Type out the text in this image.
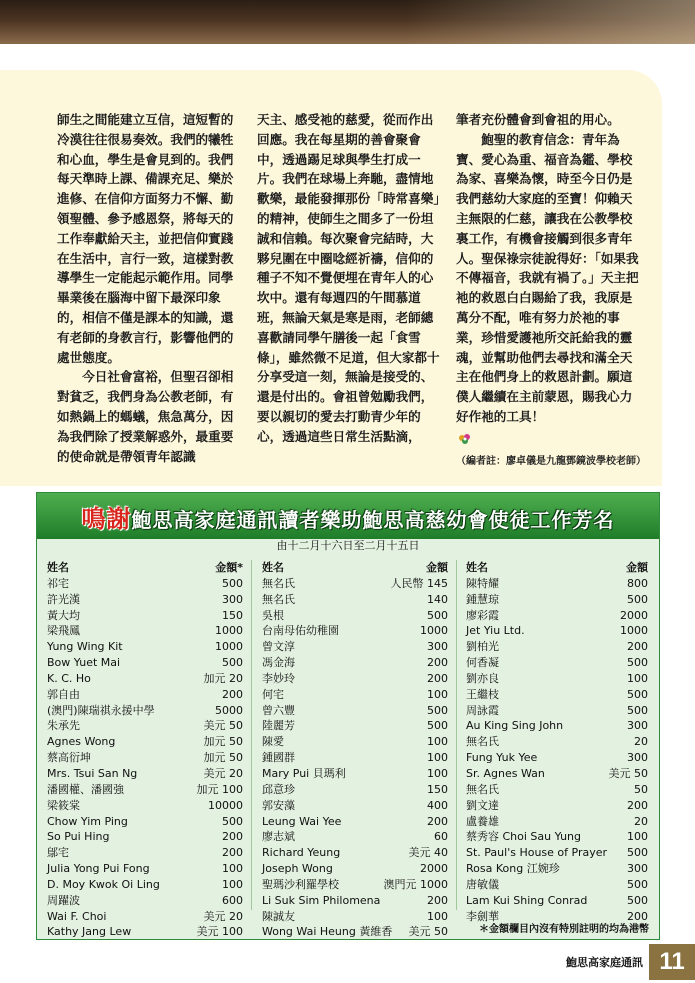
師生之間能建立互信，這短暫的冷漠往往很易奏效。我們的犧牲和心血，學生是會見到的。我們每天準時上課、備課充足、樂於進修、在信仰方面努力不懈、勤領聖體、參予感恩祭，將每天的工作奉獻給天主，並把信仰實踐在生活中，言行一致，這樣對教導學生一定能起示範作用。同學畢業後在腦海中留下最深印象的，相信不僅是課本的知識，還有老師的身教言行，影響他們的處世態度。

今日社會富裕，但聖召卻相對貧乏，我們身為公教老師，有如熱鍋上的螞蟻，焦急萬分，因為我們除了授業解惑外，最重要的使命就是帶領青年認識

天主、感受祂的慈愛，從而作出回應。我在每星期的善會聚會中，透過踢足球與學生打成一片。我們在球場上奔馳，盡情地歡樂，最能發揮那份「時常喜樂」的精神，使師生之間多了一份坦誠和信賴。每次聚會完結時，大夥兒圍在中圈唸經祈禱，信仰的種子不知不覺便埋在青年人的心坎中。還有每週四的午間慕道班，無論天氣是寒是雨，老師總喜歡請同學午膳後一起「食雪條」，雖然微不足道，但大家都十分享受這一刻，無論是接受的、還是付出的。會祖曾勉勵我們，要以親切的愛去打動青少年的心，透過這些日常生活點滴，

筆者充份體會到會祖的用心。

鮑聖的教育信念：青年為寶、愛心為重、福音為鑑、學校為家、喜樂為懷，時至今日仍是我們慈幼大家庭的至寶！仰賴天主無限的仁慈，讓我在公教學校裏工作，有機會接觸到很多青年人。聖保祿宗徒說得好：「如果我不傳福音，我就有禍了。」天主把祂的救恩白白賜給了我，我原是萬分不配，唯有努力於祂的事業，珍惜愛護祂所交託給我的靈魂，並幫助他們去尋找和滿全天主在他們身上的救恩計劃。願這僕人繼續在主前蒙恩，賜我心力好作祂的工具！

（編者註：廖卓儀是九龍鄧鏡波學校老師）
鳴謝鮑思高家庭通訊讀者樂助鮑思高慈幼會使徒工作芳名
由十二月十六日至二月十五日
姓名	金額*
祁宅	500
許光漢	300
黃大均	150
梁飛鳳	1000
Yung Wing Kit	1000
Bow Yuet Mai	500
K. C. Ho	加元 20
郭自由	200
(澳門)陳瑞祺永援中學	5000
朱承先	美元 50
Agnes Wong	加元 50
蔡高衍坤	加元 50
Mrs. Tsui San Ng	美元 20
潘國權、潘國強	加元 100
梁筱棠	10000
Chow Yim Ping	500
So Pui Hing	200
鄔宅	200
Julia Yong Pui Fong	100
D. Moy Kwok Oi Ling	100
周躍波	600
Wai F. Choi	美元 20
Kathy Jang Lew	美元 100
姓名	金額
無名氏	人民幣 145
無名氏	140
吳根	500
台南母佑幼稚園	1000
曾文淳	300
馮金海	200
李妙玲	200
何宅	100
曾六豐	500
陸麗芳	500
陳愛	100
鍾國群	100
Mary Pui 貝瑪利	100
邱意珍	150
郭安藻	400
Leung Wai Yee	200
廖志斌	60
Richard Yeung	美元 40
Joseph Wong	2000
聖瑪沙利羅學校	澳門元 1000
Li Suk Sim Philomena	200
陳誠友	100
Wong Wai Heung 黃維香 美元 50
姓名	金額
陳特耀	800
鍾慧琼	500
廖彩霞	2000
Jet Yiu Ltd.	1000
劉柏光	200
何香凝	500
劉亦良	100
王繼枝	500
周詠霞	500
Au King Sing John	300
無名氏	20
Fung Yuk Yee	300
Sr. Agnes Wan	美元 50
無名氏	50
劉文達	200
盧養雄	20
蔡秀容 Choi Sau Yung	100
St. Paul's House of Prayer 500
Rosa Kong 江婉珍	300
唐敏儀	500
Lam Kui Shing Conrad	500
李劍華	200
＊金額欄目內沒有特別註明的均為港幣
鮑思高家庭通訊 11
